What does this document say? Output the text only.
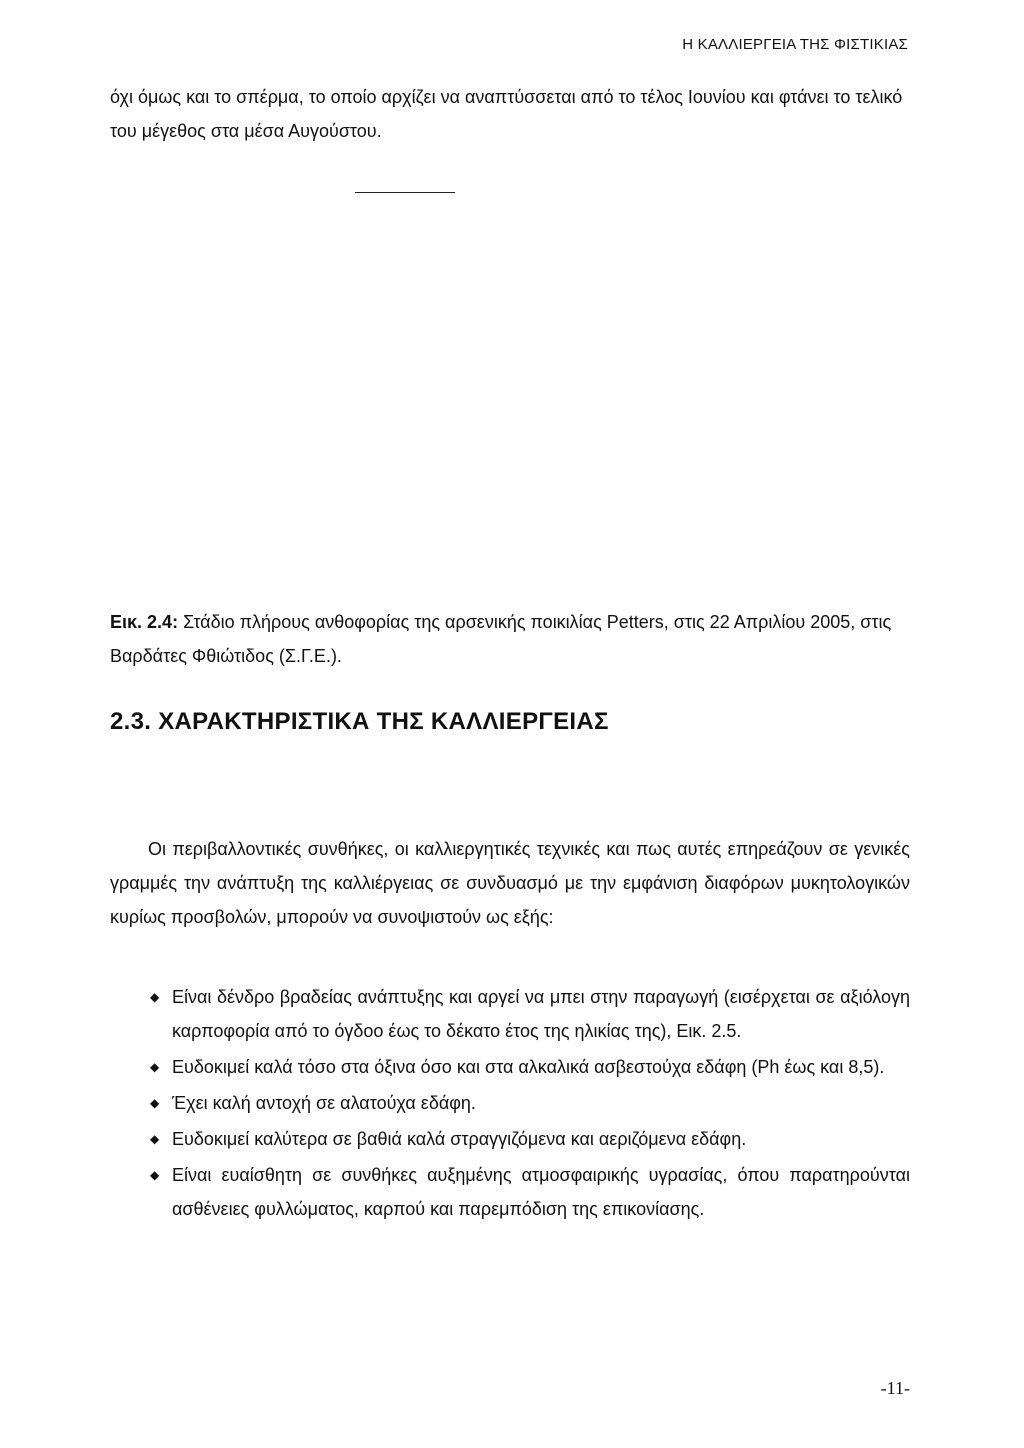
Η ΚΑΛΛΙΕΡΓΕΙΑ ΤΗΣ ΦΙΣΤΙΚΙΑΣ

όχι όμως και το σπέρμα, το οποίο αρχίζει να αναπτύσσεται από το τέλος Ιουνίου και φτάνει το τελικό του μέγεθος στα μέσα Αυγούστου.

Εικ. 2.4: Στάδιο πλήρους ανθοφορίας της αρσενικής ποικιλίας Petters, στις 22 Απριλίου 2005, στις Βαρδάτες Φθιώτιδος (Σ.Γ.Ε.).

2.3. ΧΑΡΑΚΤΗΡΙΣΤΙΚΑ ΤΗΣ ΚΑΛΛΙΕΡΓΕΙΑΣ

Οι περιβαλλοντικές συνθήκες, οι καλλιεργητικές τεχνικές και πως αυτές επηρεάζουν σε γενικές γραμμές την ανάπτυξη της καλλιέργειας σε συνδυασμό με την εμφάνιση διαφόρων μυκητολογικών κυρίως προσβολών, μπορούν να συνοψιστούν ως εξής:

◆ Είναι δένδρο βραδείας ανάπτυξης και αργεί να μπει στην παραγωγή (εισέρχεται σε αξιόλογη καρποφορία από το όγδοο έως το δέκατο έτος της ηλικίας της), Εικ. 2.5.
◆ Ευδοκιμεί καλά τόσο στα όξινα όσο και στα αλκαλικά ασβεστούχα εδάφη (Ph έως και 8,5).
◆ Έχει καλή αντοχή σε αλατούχα εδάφη.
◆ Ευδοκιμεί καλύτερα σε βαθιά καλά στραγγιζόμενα και αεριζόμενα εδάφη.
◆ Είναι ευαίσθητη σε συνθήκες αυξημένης ατμοσφαιρικής υγρασίας, όπου παρατηρούνται ασθένειες φυλλώματος, καρπού και παρεμπόδιση της επικονίασης.
-11-
